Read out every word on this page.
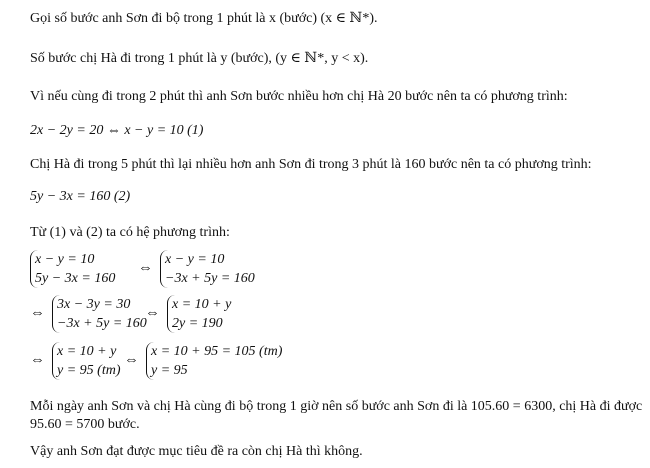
Gọi số bước anh Sơn đi bộ trong 1 phút là x (bước) (x ∈ ℕ*).
Số bước chị Hà đi trong 1 phút là y (bước), (y ∈ ℕ*, y < x).
Vì nếu cùng đi trong 2 phút thì anh Sơn bước nhiều hơn chị Hà 20 bước nên ta có phương trình:
2x − 2y = 20 ⇔ x − y = 10 (1)
Chị Hà đi trong 5 phút thì lại nhiều hơn anh Sơn đi trong 3 phút là 160 bước nên ta có phương trình:
5y − 3x = 160 (2)
Từ (1) và (2) ta có hệ phương trình:
x − y = 10
5y − 3x = 160
⇔
x − y = 10
−3x + 5y = 160
⇔
3x − 3y = 30
−3x + 5y = 160
⇔
x = 10 + y
2y = 190
⇔
x = 10 + y
y = 95 (tm)
⇔
x = 10 + 95 = 105 (tm)
y = 95
Mỗi ngày anh Sơn và chị Hà cùng đi bộ trong 1 giờ nên số bước anh Sơn đi là 105.60 = 6300, chị Hà đi được
95.60 = 5700 bước.
Vậy anh Sơn đạt được mục tiêu đề ra còn chị Hà thì không.
